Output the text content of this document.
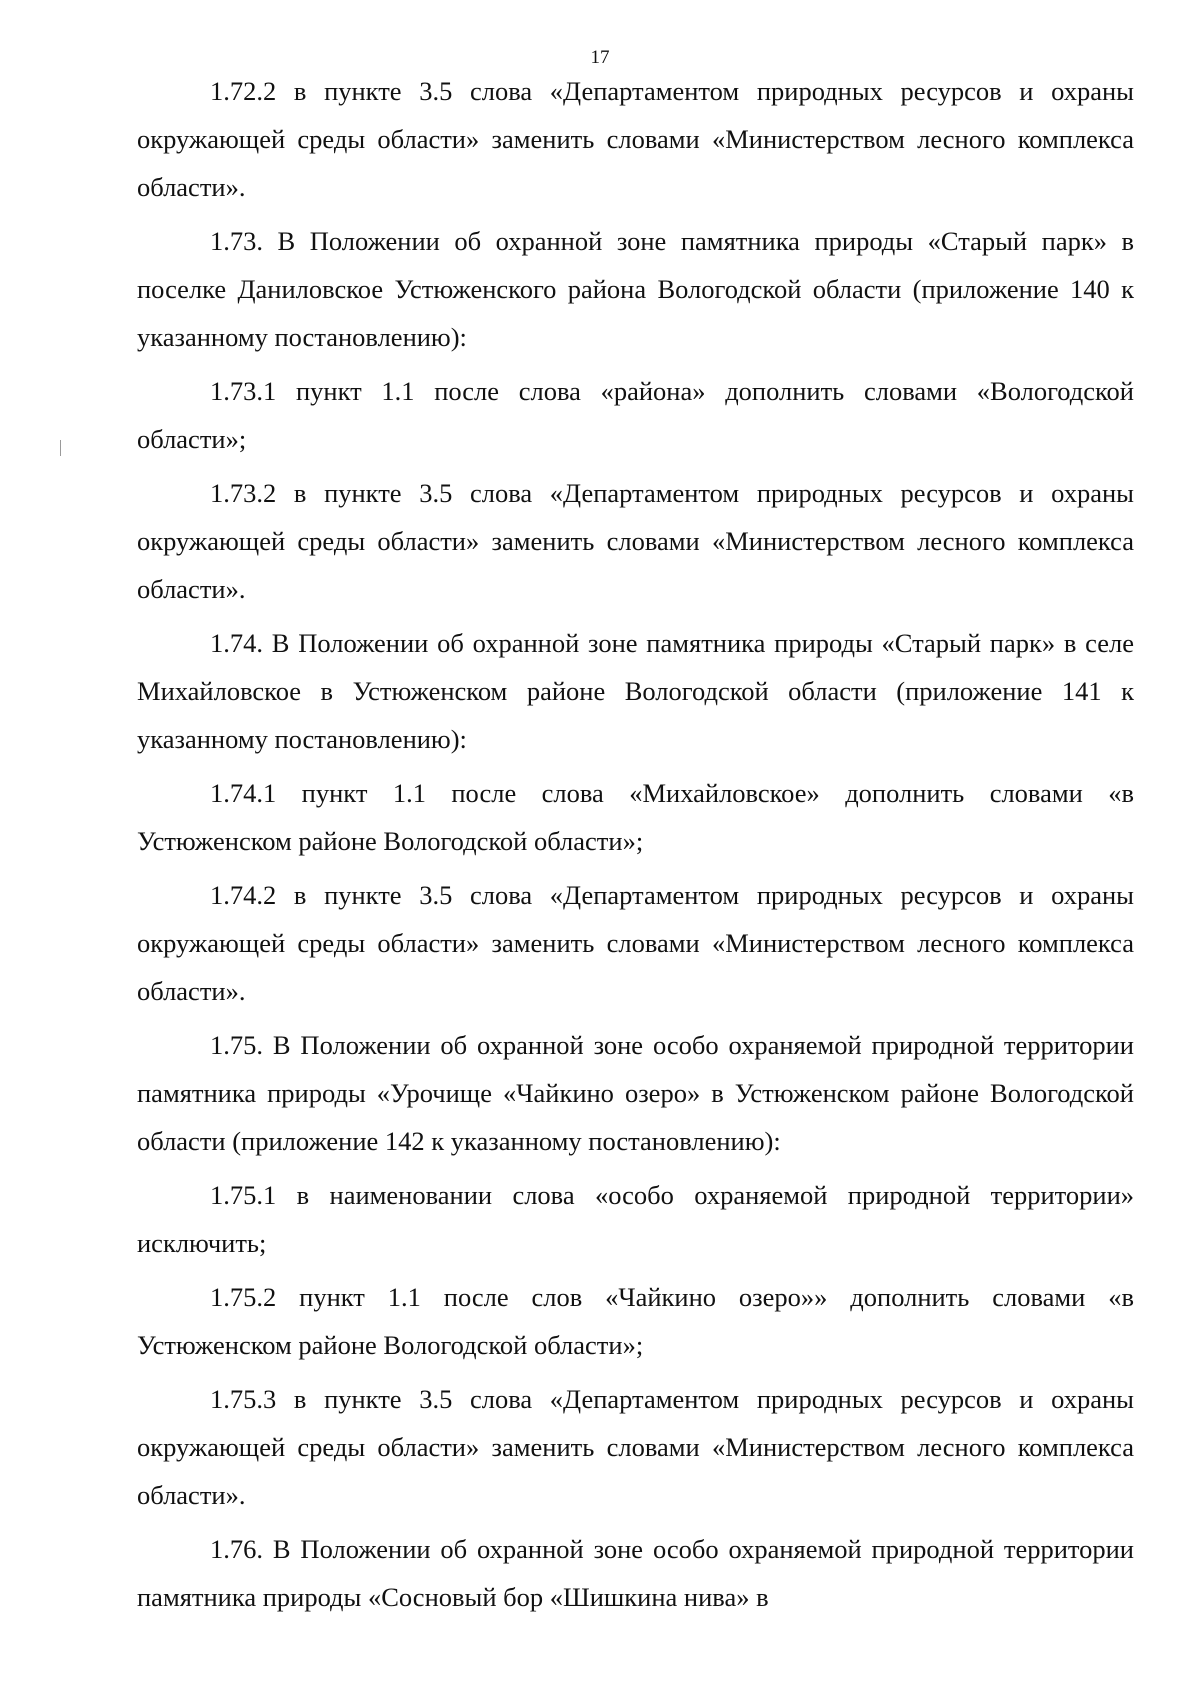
17

1.72.2 в пункте 3.5 слова «Департаментом природных ресурсов и охраны окружающей среды области» заменить словами «Министерством лесного комплекса области».

1.73. В Положении об охранной зоне памятника природы «Старый парк» в поселке Даниловское Устюженского района Вологодской области (приложение 140 к указанному постановлению):

1.73.1 пункт 1.1 после слова «района» дополнить словами «Вологодской области»;

1.73.2 в пункте 3.5 слова «Департаментом природных ресурсов и охраны окружающей среды области» заменить словами «Министерством лесного комплекса области».

1.74. В Положении об охранной зоне памятника природы «Старый парк» в селе Михайловское в Устюженском районе Вологодской области (приложение 141 к указанному постановлению):

1.74.1 пункт 1.1 после слова «Михайловское» дополнить словами «в Устюженском районе Вологодской области»;

1.74.2 в пункте 3.5 слова «Департаментом природных ресурсов и охраны окружающей среды области» заменить словами «Министерством лесного комплекса области».

1.75. В Положении об охранной зоне особо охраняемой природной территории памятника природы «Урочище «Чайкино озеро» в Устюженском районе Вологодской области (приложение 142 к указанному постановлению):

1.75.1 в наименовании слова «особо охраняемой природной территории» исключить;

1.75.2 пункт 1.1 после слов «Чайкино озеро»» дополнить словами «в Устюженском районе Вологодской области»;

1.75.3 в пункте 3.5 слова «Департаментом природных ресурсов и охраны окружающей среды области» заменить словами «Министерством лесного комплекса области».

1.76. В Положении об охранной зоне особо охраняемой природной территории памятника природы «Сосновый бор «Шишкина нива» в
